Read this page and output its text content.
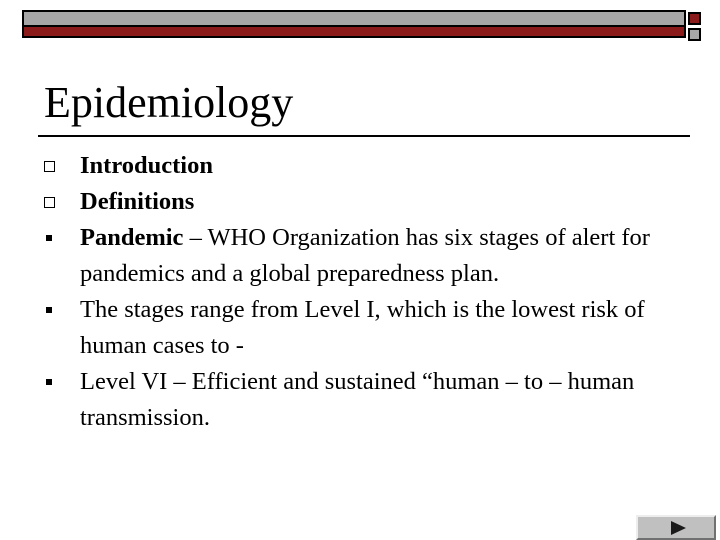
Epidemiology
Introduction
Definitions
Pandemic – WHO Organization has six stages of alert for pandemics and a global preparedness plan.
The stages range from Level I, which is the lowest risk of human cases to -
Level VI – Efficient and sustained “human – to – human transmission.
